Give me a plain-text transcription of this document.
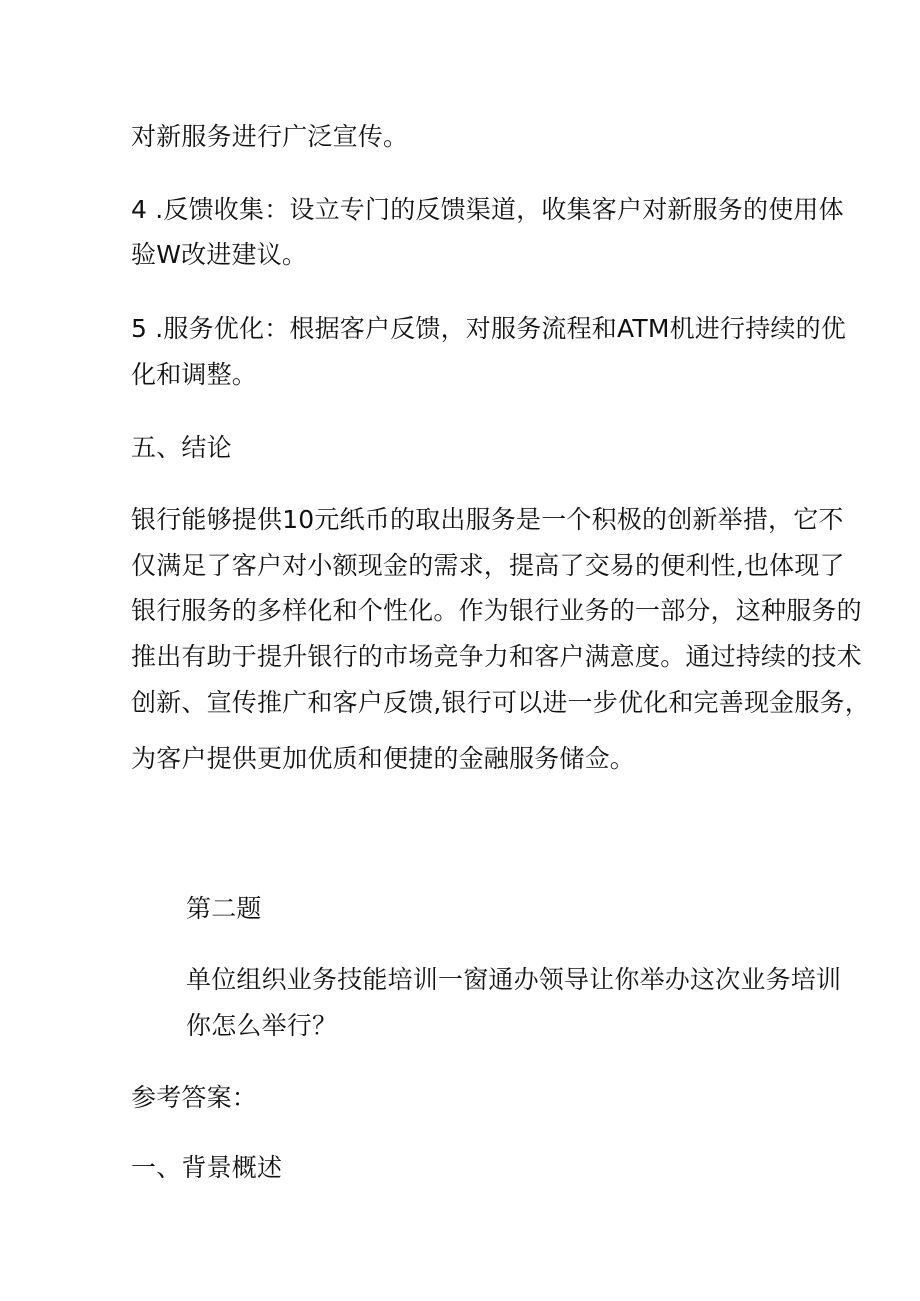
对新服务进行广泛宣传。
4 .反馈收集：设立专门的反馈渠道，收集客户对新服务的使用体
验W改进建议。
5 .服务优化：根据客户反馈，对服务流程和ATM机进行持续的优
化和调整。
五、结论
银行能够提供10元纸币的取出服务是一个积极的创新举措，它不
仅满足了客户对小额现金的需求，提高了交易的便利性,也体现了
银行服务的多样化和个性化。作为银行业务的一部分，这种服务的
推出有助于提升银行的市场竞争力和客户满意度。通过持续的技术
创新、宣传推广和客户反馈,银行可以进一步优化和完善现金服务，
为客户提供更加优质和便捷的金融服务储佥。
第二题
单位组织业务技能培训一窗通办领导让你举办这次业务培训
你怎么举行？
参考答案：
一、背景概述
